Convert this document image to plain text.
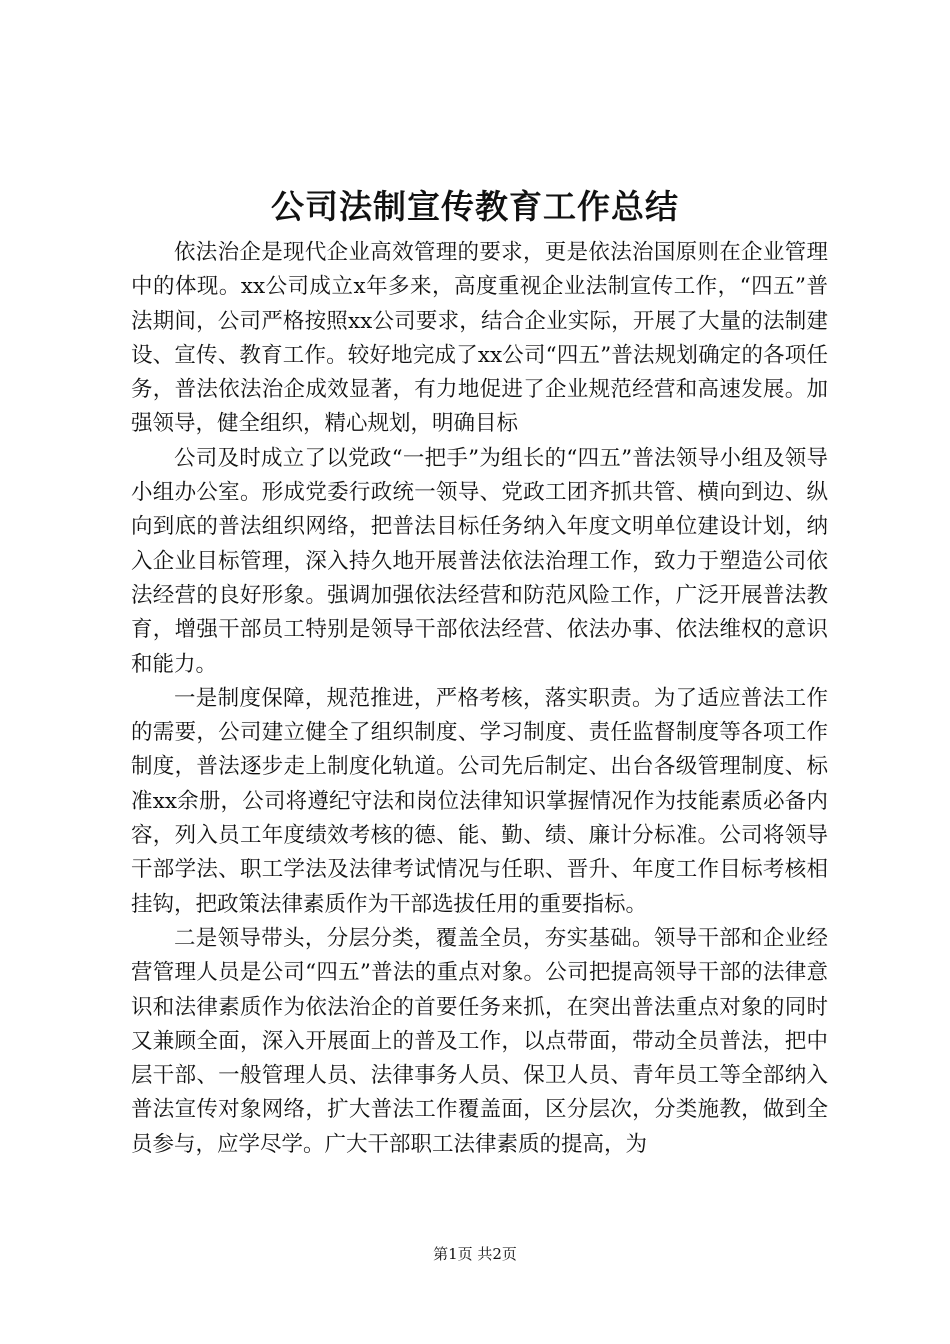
公司法制宣传教育工作总结

依法治企是现代企业高效管理的要求，更是依法治国原则在企业管理中的体现。xx公司成立x年多来，高度重视企业法制宣传工作，“四五”普法期间，公司严格按照xx公司要求，结合企业实际，开展了大量的法制建设、宣传、教育工作。较好地完成了xx公司“四五”普法规划确定的各项任务，普法依法治企成效显著，有力地促进了企业规范经营和高速发展。加强领导，健全组织，精心规划，明确目标

公司及时成立了以党政“一把手”为组长的“四五”普法领导小组及领导小组办公室。形成党委行政统一领导、党政工团齐抓共管、横向到边、纵向到底的普法组织网络，把普法目标任务纳入年度文明单位建设计划，纳入企业目标管理，深入持久地开展普法依法治理工作，致力于塑造公司依法经营的良好形象。强调加强依法经营和防范风险工作，广泛开展普法教育，增强干部员工特别是领导干部依法经营、依法办事、依法维权的意识和能力。

一是制度保障，规范推进，严格考核，落实职责。为了适应普法工作的需要，公司建立健全了组织制度、学习制度、责任监督制度等各项工作制度，普法逐步走上制度化轨道。公司先后制定、出台各级管理制度、标准xx余册，公司将遵纪守法和岗位法律知识掌握情况作为技能素质必备内容，列入员工年度绩效考核的德、能、勤、绩、廉计分标准。公司将领导干部学法、职工学法及法律考试情况与任职、晋升、年度工作目标考核相挂钩，把政策法律素质作为干部选拔任用的重要指标。

二是领导带头，分层分类，覆盖全员，夯实基础。领导干部和企业经营管理人员是公司“四五”普法的重点对象。公司把提高领导干部的法律意识和法律素质作为依法治企的首要任务来抓，在突出普法重点对象的同时又兼顾全面，深入开展面上的普及工作，以点带面，带动全员普法，把中层干部、一般管理人员、法律事务人员、保卫人员、青年员工等全部纳入普法宣传对象网络，扩大普法工作覆盖面，区分层次，分类施教，做到全员参与，应学尽学。广大干部职工法律素质的提高，为

第1页 共2页
